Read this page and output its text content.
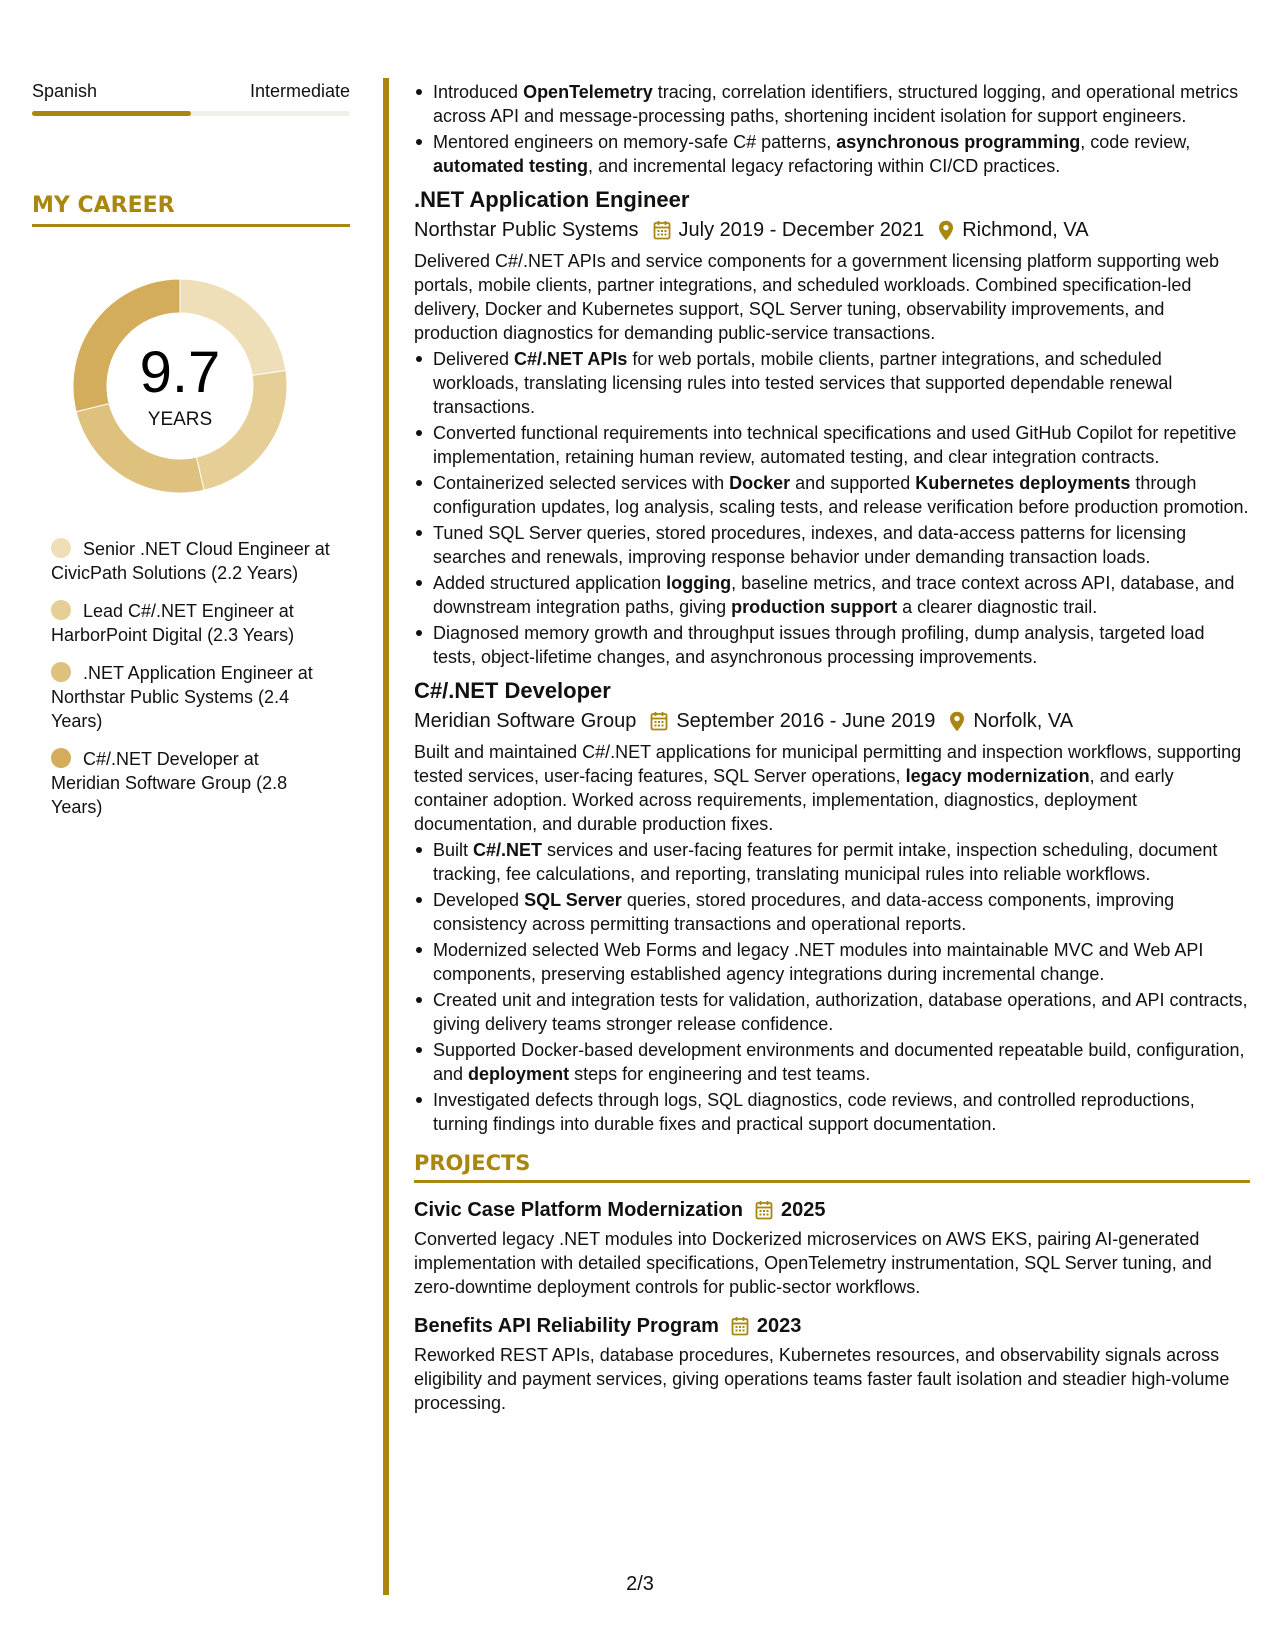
Spanish	Intermediate
MY CAREER
9.7
YEARS
Senior .NET Cloud Engineer at CivicPath Solutions (2.2 Years)
Lead C#/.NET Engineer at HarborPoint Digital (2.3 Years)
.NET Application Engineer at Northstar Public Systems (2.4 Years)
C#/.NET Developer at Meridian Software Group (2.8 Years)
Introduced OpenTelemetry tracing, correlation identifiers, structured logging, and operational metrics across API and message-processing paths, shortening incident isolation for support engineers.
Mentored engineers on memory-safe C# patterns, asynchronous programming, code review, automated testing, and incremental legacy refactoring within CI/CD practices.
.NET Application Engineer
Northstar Public Systems July 2019 - December 2021 Richmond, VA
Delivered C#/.NET APIs and service components for a government licensing platform supporting web portals, mobile clients, partner integrations, and scheduled workloads. Combined specification-led delivery, Docker and Kubernetes support, SQL Server tuning, observability improvements, and production diagnostics for demanding public-service transactions.
Delivered C#/.NET APIs for web portals, mobile clients, partner integrations, and scheduled workloads, translating licensing rules into tested services that supported dependable renewal transactions.
Converted functional requirements into technical specifications and used GitHub Copilot for repetitive implementation, retaining human review, automated testing, and clear integration contracts.
Containerized selected services with Docker and supported Kubernetes deployments through configuration updates, log analysis, scaling tests, and release verification before production promotion.
Tuned SQL Server queries, stored procedures, indexes, and data-access patterns for licensing searches and renewals, improving response behavior under demanding transaction loads.
Added structured application logging, baseline metrics, and trace context across API, database, and downstream integration paths, giving production support a clearer diagnostic trail.
Diagnosed memory growth and throughput issues through profiling, dump analysis, targeted load tests, object-lifetime changes, and asynchronous processing improvements.
C#/.NET Developer
Meridian Software Group September 2016 - June 2019 Norfolk, VA
Built and maintained C#/.NET applications for municipal permitting and inspection workflows, supporting tested services, user-facing features, SQL Server operations, legacy modernization, and early container adoption. Worked across requirements, implementation, diagnostics, deployment documentation, and durable production fixes.
Built C#/.NET services and user-facing features for permit intake, inspection scheduling, document tracking, fee calculations, and reporting, translating municipal rules into reliable workflows.
Developed SQL Server queries, stored procedures, and data-access components, improving consistency across permitting transactions and operational reports.
Modernized selected Web Forms and legacy .NET modules into maintainable MVC and Web API components, preserving established agency integrations during incremental change.
Created unit and integration tests for validation, authorization, database operations, and API contracts, giving delivery teams stronger release confidence.
Supported Docker-based development environments and documented repeatable build, configuration, and deployment steps for engineering and test teams.
Investigated defects through logs, SQL diagnostics, code reviews, and controlled reproductions, turning findings into durable fixes and practical support documentation.
PROJECTS
Civic Case Platform Modernization 2025
Converted legacy .NET modules into Dockerized microservices on AWS EKS, pairing AI-generated implementation with detailed specifications, OpenTelemetry instrumentation, SQL Server tuning, and zero-downtime deployment controls for public-sector workflows.
Benefits API Reliability Program 2023
Reworked REST APIs, database procedures, Kubernetes resources, and observability signals across eligibility and payment services, giving operations teams faster fault isolation and steadier high-volume processing.
2/3
